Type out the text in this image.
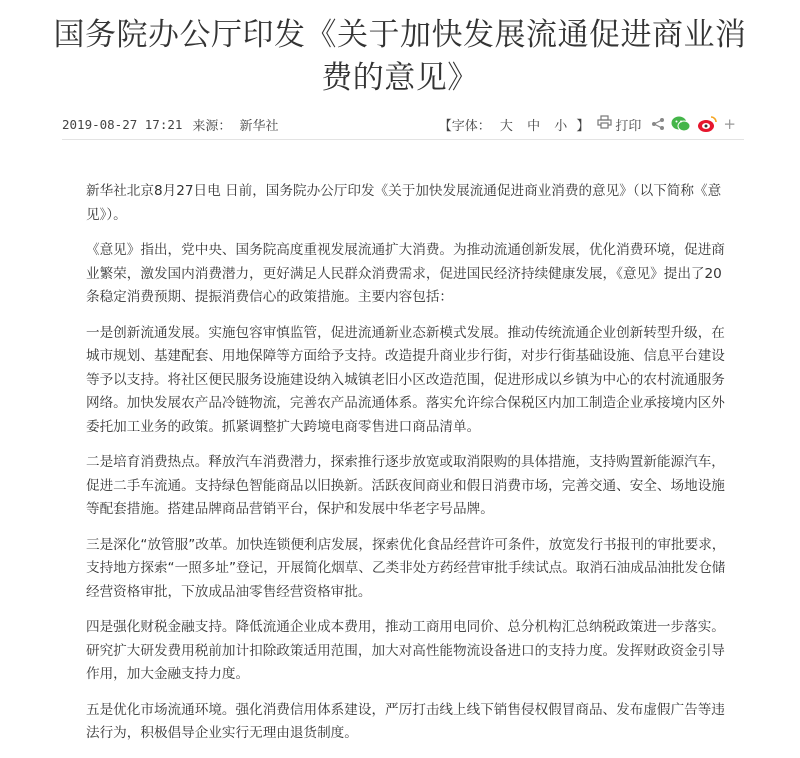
国务院办公厅印发《关于加快发展流通促进商业消费的意见》
2019-08-27 17:21 来源： 新华社	【字体： 大 中 小 】 打印	+

新华社北京8月27日电 日前，国务院办公厅印发《关于加快发展流通促进商业消费的意见》（以下简称《意见》）。

《意见》指出，党中央、国务院高度重视发展流通扩大消费。为推动流通创新发展，优化消费环境，促进商业繁荣，激发国内消费潜力，更好满足人民群众消费需求，促进国民经济持续健康发展，《意见》提出了20条稳定消费预期、提振消费信心的政策措施。主要内容包括：

一是创新流通发展。实施包容审慎监管，促进流通新业态新模式发展。推动传统流通企业创新转型升级，在城市规划、基建配套、用地保障等方面给予支持。改造提升商业步行街，对步行街基础设施、信息平台建设等予以支持。将社区便民服务设施建设纳入城镇老旧小区改造范围，促进形成以乡镇为中心的农村流通服务网络。加快发展农产品冷链物流，完善农产品流通体系。落实允许综合保税区内加工制造企业承接境内区外委托加工业务的政策。抓紧调整扩大跨境电商零售进口商品清单。

二是培育消费热点。释放汽车消费潜力，探索推行逐步放宽或取消限购的具体措施，支持购置新能源汽车，促进二手车流通。支持绿色智能商品以旧换新。活跃夜间商业和假日消费市场，完善交通、安全、场地设施等配套措施。搭建品牌商品营销平台，保护和发展中华老字号品牌。

三是深化“放管服”改革。加快连锁便利店发展，探索优化食品经营许可条件，放宽发行书报刊的审批要求，支持地方探索“一照多址”登记，开展简化烟草、乙类非处方药经营审批手续试点。取消石油成品油批发仓储经营资格审批，下放成品油零售经营资格审批。

四是强化财税金融支持。降低流通企业成本费用，推动工商用电同价、总分机构汇总纳税政策进一步落实。研究扩大研发费用税前加计扣除政策适用范围，加大对高性能物流设备进口的支持力度。发挥财政资金引导作用，加大金融支持力度。

五是优化市场流通环境。强化消费信用体系建设，严厉打击线上线下销售侵权假冒商品、发布虚假广告等违法行为，积极倡导企业实行无理由退货制度。
